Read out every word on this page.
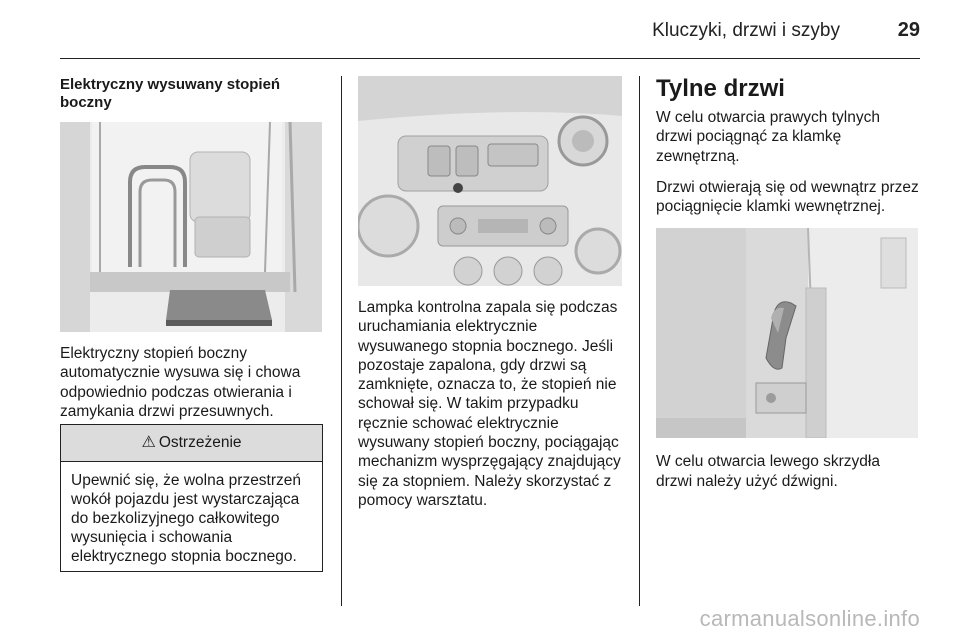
Kluczyki, drzwi i szyby	29

Elektryczny wysuwany stopień boczny

Elektryczny stopień boczny automatycznie wysuwa się i chowa odpowiednio podczas otwierania i zamykania drzwi przesuwnych.

⚠ Ostrzeżenie
Upewnić się, że wolna przestrzeń wokół pojazdu jest wystarczająca do bezkolizyjnego całkowitego wysunięcia i schowania elektrycznego stopnia bocznego.

Lampka kontrolna zapala się podczas uruchamiania elektrycznie wysuwanego stopnia bocznego. Jeśli pozostaje zapalona, gdy drzwi są zamknięte, oznacza to, że stopień nie schował się. W takim przypadku ręcznie schować elektrycznie wysuwany stopień boczny, pociągając mechanizm wysprzęgający znajdujący się za stopniem. Należy skorzystać z pomocy warsztatu.

Tylne drzwi

W celu otwarcia prawych tylnych drzwi pociągnąć za klamkę zewnętrzną.

Drzwi otwierają się od wewnątrz przez pociągnięcie klamki wewnętrznej.

W celu otwarcia lewego skrzydła drzwi należy użyć dźwigni.

carmanualsonline.info
